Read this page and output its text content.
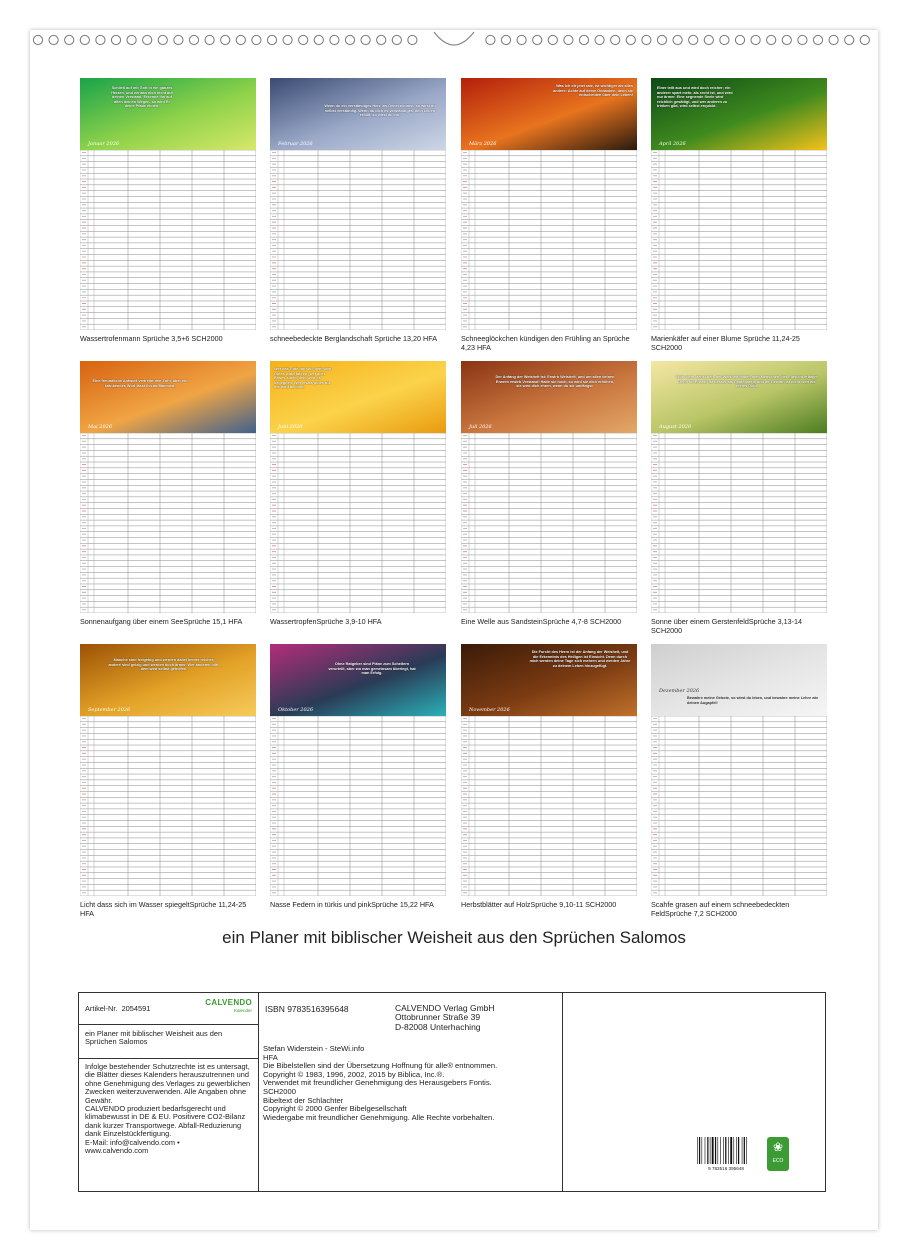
Schließ auf mit Gott in ein ganzes Herzen, und verlass dich nicht auf deinen Verstand. Erkenne Ihn auf allen deinen Wegen, so wird Er deine Pfade ebnen.
Januar 2026
Wassertrofenmann Sprüche 3,5+6 SCH2000
Wenn du ein verständiges Herz ins Gebet nimmst, so wirst du selbst verständig. Wenn du dich es verständiges, dein Leben erfüllt, so wirst du ihn.
Februar 2026
schneebedeckte Berglandschaft Sprüche 13,20 HFA
Was ich dir jetzt rate, ist wichtiger als alles andere: Achte auf deine Gedanken, denn sie entscheiden über dein Leben!
März 2026
Schneeglöckchen kündigen den Frühling an Sprüche 4,23 HFA
Einer teilt aus und wird doch reicher; ein anderer spart mehr, als recht ist, und wird nur ärmer. Eine segnende Seele wird reichlich gesättigt, und wer anderen zu trinken gibt, wird selbst erquickt.
April 2026
Marienkäfer auf einer Blume Sprüche 11,24-25 SCH2000
Eine freundliche Antwort vertreibt den Zorn, aber ein kränkendes Wort lässt ihn aufflammen.
Mai 2026
Sonnenaufgang über einem SeeSprüche 15,1 HFA
Wer das Gute tun will, dem wird Gutes widerfahren; wer aber Böses sucht, dem wird es begegnen. Wer etwas gutes tut, der wird belohnt.
Juni 2026
WassertropfenSprüche 3,9-10 HFA
Der Anfang der Weisheit ist: Erwirb Weisheit, und um allen deinen Erwerb erwirb Verstand! Halte sie hoch, so wird sie dich erhöhen, sie wird dich ehren, wenn du sie umfängst.
Juli 2026
Eine Welle aus SandsteinSprüche 4,7-8 SCH2000
Wohl dem Menschen, der Weisheit findet, dem Menschen, der Einsicht erlangt! Denn ihr Erwerb ist besser als Gelderwerb, und ihr Gewinn ist mehr wert als feines Gold.
August 2026
Sonne über einem GerstenfeldSprüche 3,13-14 SCH2000
Manche sind freigebig und werden dabei immer reicher; andere sind geizig und werden doch ärmer. Wer anderen hilft, dem wird selbst geholfen.
September 2026
Licht dass sich im Wasser spiegeltSprüche 11,24-25 HFA
Ohne Ratgeber sind Pläne zum Scheitern verurteilt, aber wo man gemeinsam überlegt, hat man Erfolg.
Oktober 2026
Nasse Federn in türkis und pinkSprüche 15,22 HFA
Die Furcht des Herrn ist der Anfang der Weisheit, und die Erkenntnis des Heiligen ist Einsicht. Denn durch mich werden deine Tage sich mehren und werden Jahre zu deinem Leben hinzugefügt.
November 2026
Herbstblätter auf HolzSprüche 9,10-11 SCH2000
Bewahre meine Gebote, so wirst du leben, und bewahre meine Lehre wie deinen Augapfel!
Dezember 2026
Scahfe grasen auf einem schneebedeckten FeldSprüche 7,2 SCH2000
ein Planer mit biblischer Weisheit aus den Sprüchen Salomos
Artikel-Nr. 2054591
CALVENDO
Kalender
ein Planer mit biblischer Weisheit aus den Sprüchen Salomos
Infolge bestehender Schutzrechte ist es untersagt, die Blätter dieses Kalenders herauszutrennen und ohne Genehmigung des Verlages zu gewerblichen Zwecken weiterzuverwenden. Alle Angaben ohne Gewähr.
CALVENDO produziert bedarfsgerecht und klimabewusst in DE & EU. Positivere CO2-Bilanz dank kurzer Transportwege. Abfall-Reduzierung dank Einzelstückfertigung.
E-Mail: info@calvendo.com •
www.calvendo.com
ISBN 9783516395648	CALVENDO Verlag GmbH
Ottobrunner Straße 39
D-82008 Unterhaching
Stefan Widerstein - SteWi.info
HFA
Die Bibelstellen sind der Übersetzung Hoffnung für alle® entnommen.
Copyright © 1983, 1996, 2002, 2015 by Biblica, Inc.®.
Verwendet mit freundlicher Genehmigung des Herausgebers Fontis.
SCH2000
Bibeltext der Schlachter
Copyright © 2000 Genfer Bibelgesellschaft
Wiedergabe mit freundlicher Genehmigung. Alle Rechte vorbehalten.
9 783516 395648
❀
ECO
